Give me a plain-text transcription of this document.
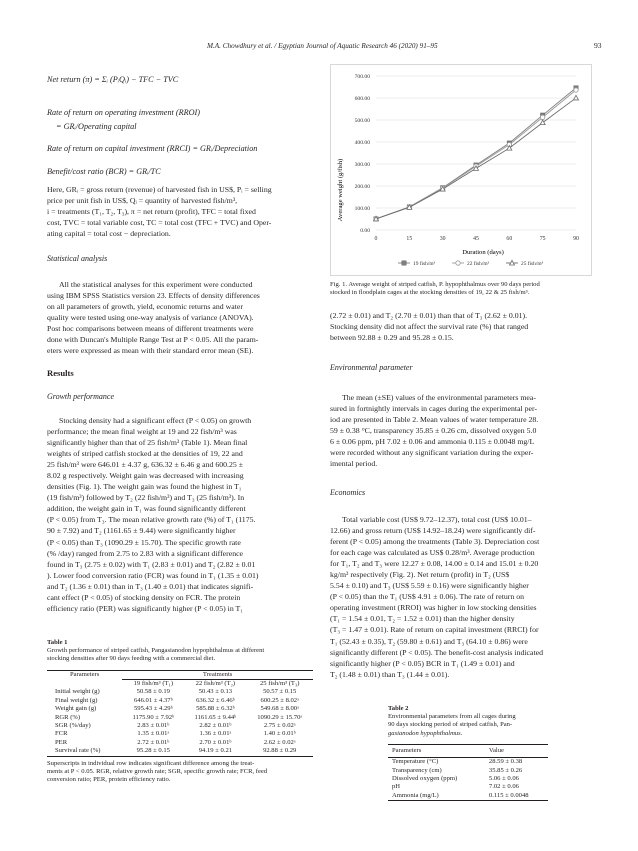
M.A. Chowdhury et al. / Egyptian Journal of Aquatic Research 46 (2020) 91–95	93
Net return (π) = Σᵢ (PᵢQᵢ) − TFC − TVC
Rate of return on operating investment (RROI)
= GRᵢ/Operating capital
Rate of return on capital investment (RRCI) = GRᵢ/Depreciation
Benefit/cost ratio (BCR) = GRᵢ/TC
Here, GRᵢ = gross return (revenue) of harvested fish in US$, Pᵢ = selling
price per unit fish in US$, Qᵢ = quantity of harvested fish/m³,
i = treatments (T₁, T₂, T₃), π = net return (profit), TFC = total fixed
cost, TVC = total variable cost, TC = total cost (TFC + TVC) and Oper-
ating capital = total cost − depreciation.
Statistical analysis
All the statistical analyses for this experiment were conducted
using IBM SPSS Statistics version 23. Effects of density differences
on all parameters of growth, yield, economic returns and water
quality were tested using one-way analysis of variance (ANOVA).
Post hoc comparisons between means of different treatments were
done with Duncan's Multiple Range Test at P < 0.05. All the param-
eters were expressed as mean with their standard error mean (SE).
Results
Growth performance
Stocking density had a significant effect (P < 0.05) on growth
performance; the mean final weight at 19 and 22 fish/m³ was
significantly higher than that of 25 fish/m³ (Table 1). Mean final
weights of striped catfish stocked at the densities of 19, 22 and
25 fish/m³ were 646.01 ± 4.37 g, 636.32 ± 6.46 g and 600.25 ±
8.02 g respectively. Weight gain was decreased with increasing
densities (Fig. 1). The weight gain was found the highest in T₁
(19 fish/m³) followed by T₂ (22 fish/m³) and T₃ (25 fish/m³). In
addition, the weight gain in T₁ was found significantly different
(P < 0.05) from T₃. The mean relative growth rate (%) of T₁ (1175.
90 ± 7.92) and T₂ (1161.65 ± 9.44) were significantly higher
(P < 0.05) than T₃ (1090.29 ± 15.70). The specific growth rate
(% /day) ranged from 2.75 to 2.83 with a significant difference
found in T₃ (2.75 ± 0.02) with T₁ (2.83 ± 0.01) and T₂ (2.82 ± 0.01
). Lower food conversion ratio (FCR) was found in T₁ (1.35 ± 0.01)
and T₂ (1.36 ± 0.01) than in T₃ (1.40 ± 0.01) that indicates signifi-
cant effect (P < 0.05) of stocking density on FCR. The protein
efficiency ratio (PER) was significantly higher (P < 0.05) in T₁
Table 1
Growth performance of striped catfish, Pangasianodon hypophthalmus at different
stocking densities after 90 days feeding with a commercial diet.
Parameters	Treatments		
	19 fish/m³ (T₁)	22 fish/m³ (T₂)	25 fish/m³ (T₃)
Initial weight (g)	50.58 ± 0.19	50.43 ± 0.13	50.57 ± 0.15
Final weight (g)	646.01 ± 4.37ᵇ	636.32 ± 6.46ᵇ	600.25 ± 8.02ᵃ
Weight gain (g)	595.43 ± 4.29ᵇ	585.88 ± 6.32ᵇ	549.68 ± 8.00ᵃ
RGR (%)	1175.90 ± 7.92ᵇ	1161.65 ± 9.44ᵇ	1090.29 ± 15.70ᵃ
SGR (%/day)	2.83 ± 0.01ᵇ	2.82 ± 0.01ᵇ	2.75 ± 0.02ᵃ
FCR	1.35 ± 0.01ᵃ	1.36 ± 0.01ᵃ	1.40 ± 0.01ᵇ
PER	2.72 ± 0.01ᵇ	2.70 ± 0.01ᵇ	2.62 ± 0.02ᵃ
Survival rate (%)	95.28 ± 0.15	94.19 ± 0.21	92.88 ± 0.29

Superscripts in individual row indicates significant difference among the treat-
ments at P < 0.05. RGR, relative growth rate; SGR, specific growth rate; FCR, feed
conversion ratio; PER, protein efficiency ratio.
0.00
100.00
200.00
300.00
400.00
500.00
600.00
700.00
0	15	30	45	60	75	90
Average weight (g/fish)
Duration (days)
19 fish/m³	22 fish/m³	25 fish/m³
Fig. 1. Average weight of striped catfish, P. hypophthalmus over 90 days period
stocked in floodplain cages at the stocking densities of 19, 22 & 25 fish/m³.
(2.72 ± 0.01) and T₂ (2.70 ± 0.01) than that of T₃ (2.62 ± 0.01).
Stocking density did not affect the survival rate (%) that ranged
between 92.88 ± 0.29 and 95.28 ± 0.15.
Environmental parameter
The mean (±SE) values of the environmental parameters mea-
sured in fortnightly intervals in cages during the experimental per-
iod are presented in Table 2. Mean values of water temperature 28.
59 ± 0.38 °C, transparency 35.85 ± 0.26 cm, dissolved oxygen 5.0
6 ± 0.06 ppm, pH 7.02 ± 0.06 and ammonia 0.115 ± 0.0048 mg/L
were recorded without any significant variation during the exper-
imental period.
Economics
Total variable cost (US$ 9.72–12.37), total cost (US$ 10.01–
12.66) and gross return (US$ 14.92–18.24) were significantly dif-
ferent (P < 0.05) among the treatments (Table 3). Depreciation cost
for each cage was calculated as US$ 0.28/m³. Average production
for T₁, T₂ and T₃ were 12.27 ± 0.08, 14.00 ± 0.14 and 15.01 ± 0.20
kg/m³ respectively (Fig. 2). Net return (profit) in T₂ (US$
5.54 ± 0.10) and T₃ (US$ 5.59 ± 0.16) were significantly higher
(P < 0.05) than the T₁ (US$ 4.91 ± 0.06). The rate of return on
operating investment (RROI) was higher in low stocking densities
(T₁ = 1.54 ± 0.01, T₂ = 1.52 ± 0.01) than the higher density
(T₃ = 1.47 ± 0.01). Rate of return on capital investment (RRCI) for
T₁ (52.43 ± 0.35), T₂ (59.80 ± 0.61) and T₃ (64.10 ± 0.86) were
significantly different (P < 0.05). The benefit-cost analysis indicated
significantly higher (P < 0.05) BCR in T₁ (1.49 ± 0.01) and
T₂ (1.48 ± 0.01) than T₃ (1.44 ± 0.01).
Table 2
Environmental parameters from all cages during
90 days stocking period of striped catfish, Pan-
gasianodon hypophthalmus.
Parameters	Value
Temperature (°C)	28.59 ± 0.38
Transparency (cm)	35.85 ± 0.26
Dissolved oxygen (ppm)	5.06 ± 0.06
pH	7.02 ± 0.06
Ammonia (mg/L)	0.115 ± 0.0048
